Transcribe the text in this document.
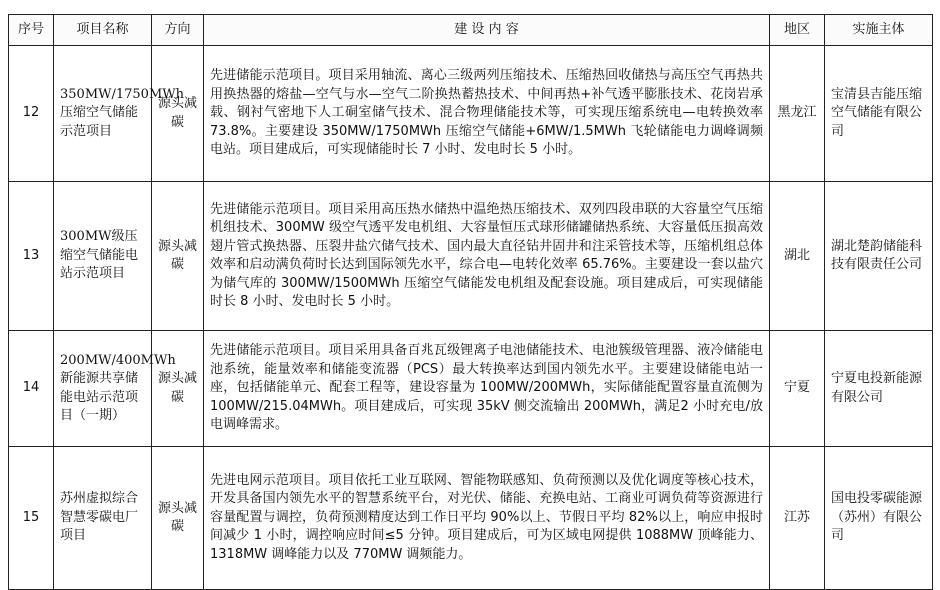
序号	项目名称	方向	建 设 内 容	地区	实施主体
12	350MW/1750MWh 压缩空气储能示范项目	源头减碳	先进储能示范项目。项目采用轴流、离心三级两列压缩技术、压缩热回收储热与高压空气再热共用换热器的熔盐—空气与水—空气二阶换热蓄热技术、中间再热+补气透平膨胀技术、花岗岩承载、钢衬气密地下人工硐室储气技术、混合物理储能技术等，可实现压缩系统电—电转换效率 73.8%。主要建设 350MW/1750MWh 压缩空气储能+6MW/1.5MWh 飞轮储能电力调峰调频电站。项目建成后，可实现储能时长 7 小时、发电时长 5 小时。	黑龙江	宝清县吉能压缩空气储能有限公司
13	300MW级压缩空气储能电站示范项目	源头减碳	先进储能示范项目。项目采用高压热水储热中温绝热压缩技术、双列四段串联的大容量空气压缩机组技术、300MW 级空气透平发电机组、大容量恒压式球形储罐储热系统、大容量低压损高效翅片管式换热器、压裂井盐穴储气技术、国内最大直径钻井固井和注采管技术等，压缩机组总体效率和启动满负荷时长达到国际领先水平，综合电—电转化效率 65.76%。主要建设一套以盐穴为储气库的 300MW/1500MWh 压缩空气储能发电机组及配套设施。项目建成后，可实现储能时长 8 小时、发电时长 5 小时。	湖北	湖北楚韵储能科技有限责任公司
14	200MW/400MWh 新能源共享储能电站示范项目（一期）	源头减碳	先进储能示范项目。项目采用具备百兆瓦级锂离子电池储能技术、电池簇级管理器、液冷储能电池系统，能量效率和储能变流器（PCS）最大转换率达到国内领先水平。主要建设储能电站一座，包括储能单元、配套工程等，建设容量为 100MW/200MWh，实际储能配置容量直流侧为 100MW/215.04MWh。项目建成后，可实现 35kV 侧交流输出 200MWh，满足2 小时充电/放电调峰需求。	宁夏	宁夏电投新能源有限公司
15	苏州虚拟综合智慧零碳电厂项目	源头减碳	先进电网示范项目。项目依托工业互联网、智能物联感知、负荷预测以及优化调度等核心技术，开发具备国内领先水平的智慧系统平台，对光伏、储能、充换电站、工商业可调负荷等资源进行容量配置与调控，负荷预测精度达到工作日平均 90%以上、节假日平均 82%以上，响应申报时间减少 1 小时，调控响应时间≤5 分钟。项目建成后，可为区域电网提供 1088MW 顶峰能力、1318MW 调峰能力以及 770MW 调频能力。	江苏	国电投零碳能源（苏州）有限公司
